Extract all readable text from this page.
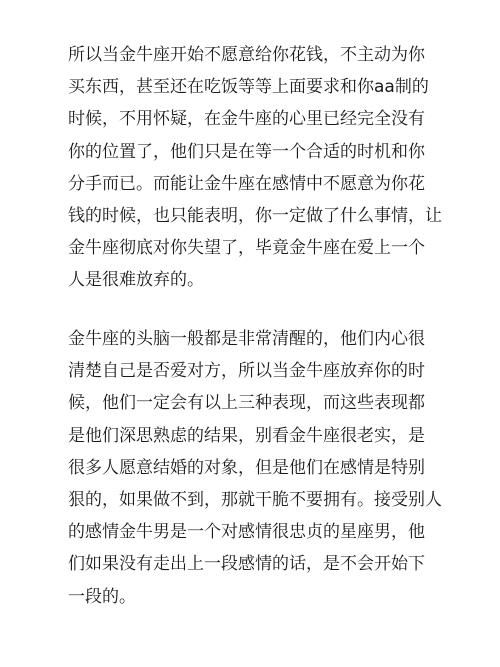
所以当金牛座开始不愿意给你花钱，不主动为你
买东西，甚至还在吃饭等等上面要求和你aa制的
时候，不用怀疑，在金牛座的心里已经完全没有
你的位置了，他们只是在等一个合适的时机和你
分手而已。而能让金牛座在感情中不愿意为你花
钱的时候，也只能表明，你一定做了什么事情，让
金牛座彻底对你失望了，毕竟金牛座在爱上一个
人是很难放弃的。

金牛座的头脑一般都是非常清醒的，他们内心很
清楚自己是否爱对方，所以当金牛座放弃你的时
候，他们一定会有以上三种表现，而这些表现都
是他们深思熟虑的结果，别看金牛座很老实，是
很多人愿意结婚的对象，但是他们在感情是特别
狠的，如果做不到，那就干脆不要拥有。接受别人
的感情金牛男是一个对感情很忠贞的星座男，他
们如果没有走出上一段感情的话，是不会开始下
一段的。
